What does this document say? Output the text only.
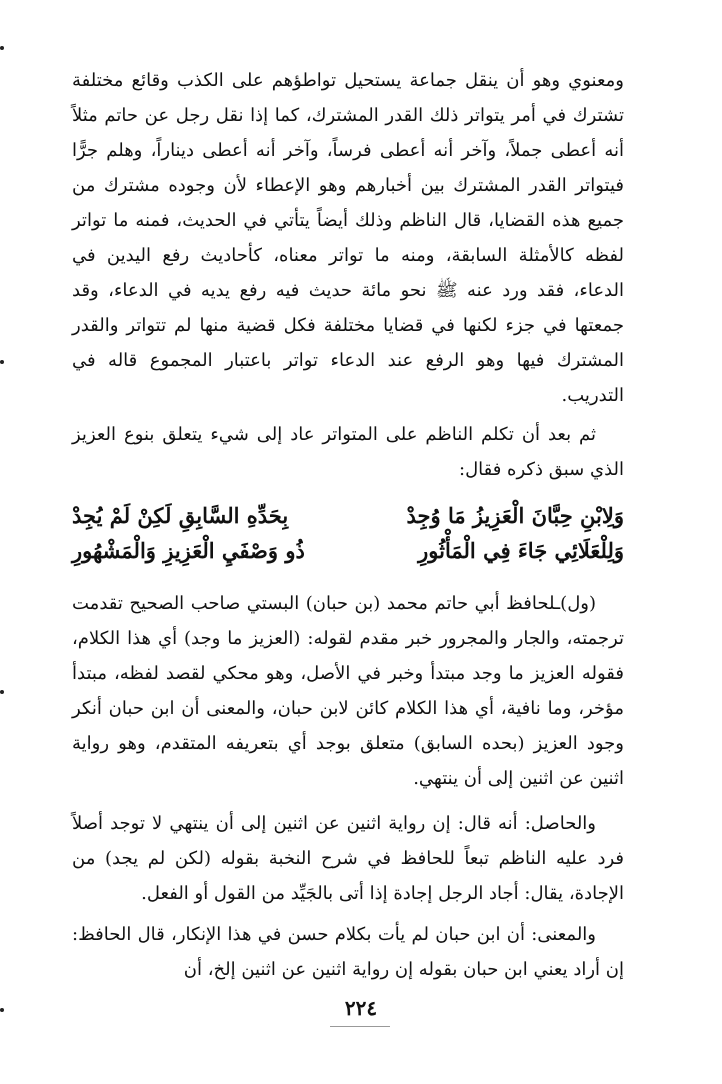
ومعنوي وهو أن ينقل جماعة يستحيل تواطؤهم على الكذب وقائع مختلفة تشترك في أمر يتواتر ذلك القدر المشترك، كما إذا نقل رجل عن حاتم مثلاً أنه أعطى جملاً، وآخر أنه أعطى فرساً، وآخر أنه أعطى ديناراً، وهلم جرًّا فيتواتر القدر المشترك بين أخبارهم وهو الإعطاء لأن وجوده مشترك من جميع هذه القضايا، قال الناظم وذلك أيضاً يتأتي في الحديث، فمنه ما تواتر لفظه كالأمثلة السابقة، ومنه ما تواتر معناه، كأحاديث رفع اليدين في الدعاء، فقد ورد عنه ﷺ نحو مائة حديث فيه رفع يديه في الدعاء، وقد جمعتها في جزء لكنها في قضايا مختلفة فكل قضية منها لم تتواتر والقدر المشترك فيها وهو الرفع عند الدعاء تواتر باعتبار المجموع قاله في التدريب.

ثم بعد أن تكلم الناظم على المتواتر عاد إلى شيء يتعلق بنوع العزيز الذي سبق ذكره فقال:

وَلِابْنِ حِبَّانَ الْعَزِيزُ مَا وُجِدْ
بِحَدِّهِ السَّابِقِ لَكِنْ لَمْ يُجِدْ
وَلِلْعَلَائِي جَاءَ فِي الْمَأْثُورِ
ذُو وَصْفَيِ الْعَزِيزِ وَالْمَشْهُورِ

(ول)ـلحافظ أبي حاتم محمد (بن حبان) البستي صاحب الصحيح تقدمت ترجمته، والجار والمجرور خبر مقدم لقوله: (العزيز ما وجد) أي هذا الكلام، فقوله العزيز ما وجد مبتدأ وخبر في الأصل، وهو محكي لقصد لفظه، مبتدأ مؤخر، وما نافية، أي هذا الكلام كائن لابن حبان، والمعنى أن ابن حبان أنكر وجود العزيز (بحده السابق) متعلق بوجد أي بتعريفه المتقدم، وهو رواية اثنين عن اثنين إلى أن ينتهي.

والحاصل: أنه قال: إن رواية اثنين عن اثنين إلى أن ينتهي لا توجد أصلاً فرد عليه الناظم تبعاً للحافظ في شرح النخبة بقوله (لكن لم يجد) من الإجادة، يقال: أجاد الرجل إجادة إذا أتى بالجَيِّد من القول أو الفعل.

والمعنى: أن ابن حبان لم يأت بكلام حسن في هذا الإنكار، قال الحافظ: إن أراد يعني ابن حبان بقوله إن رواية اثنين عن اثنين إلخ، أن

٢٢٤
